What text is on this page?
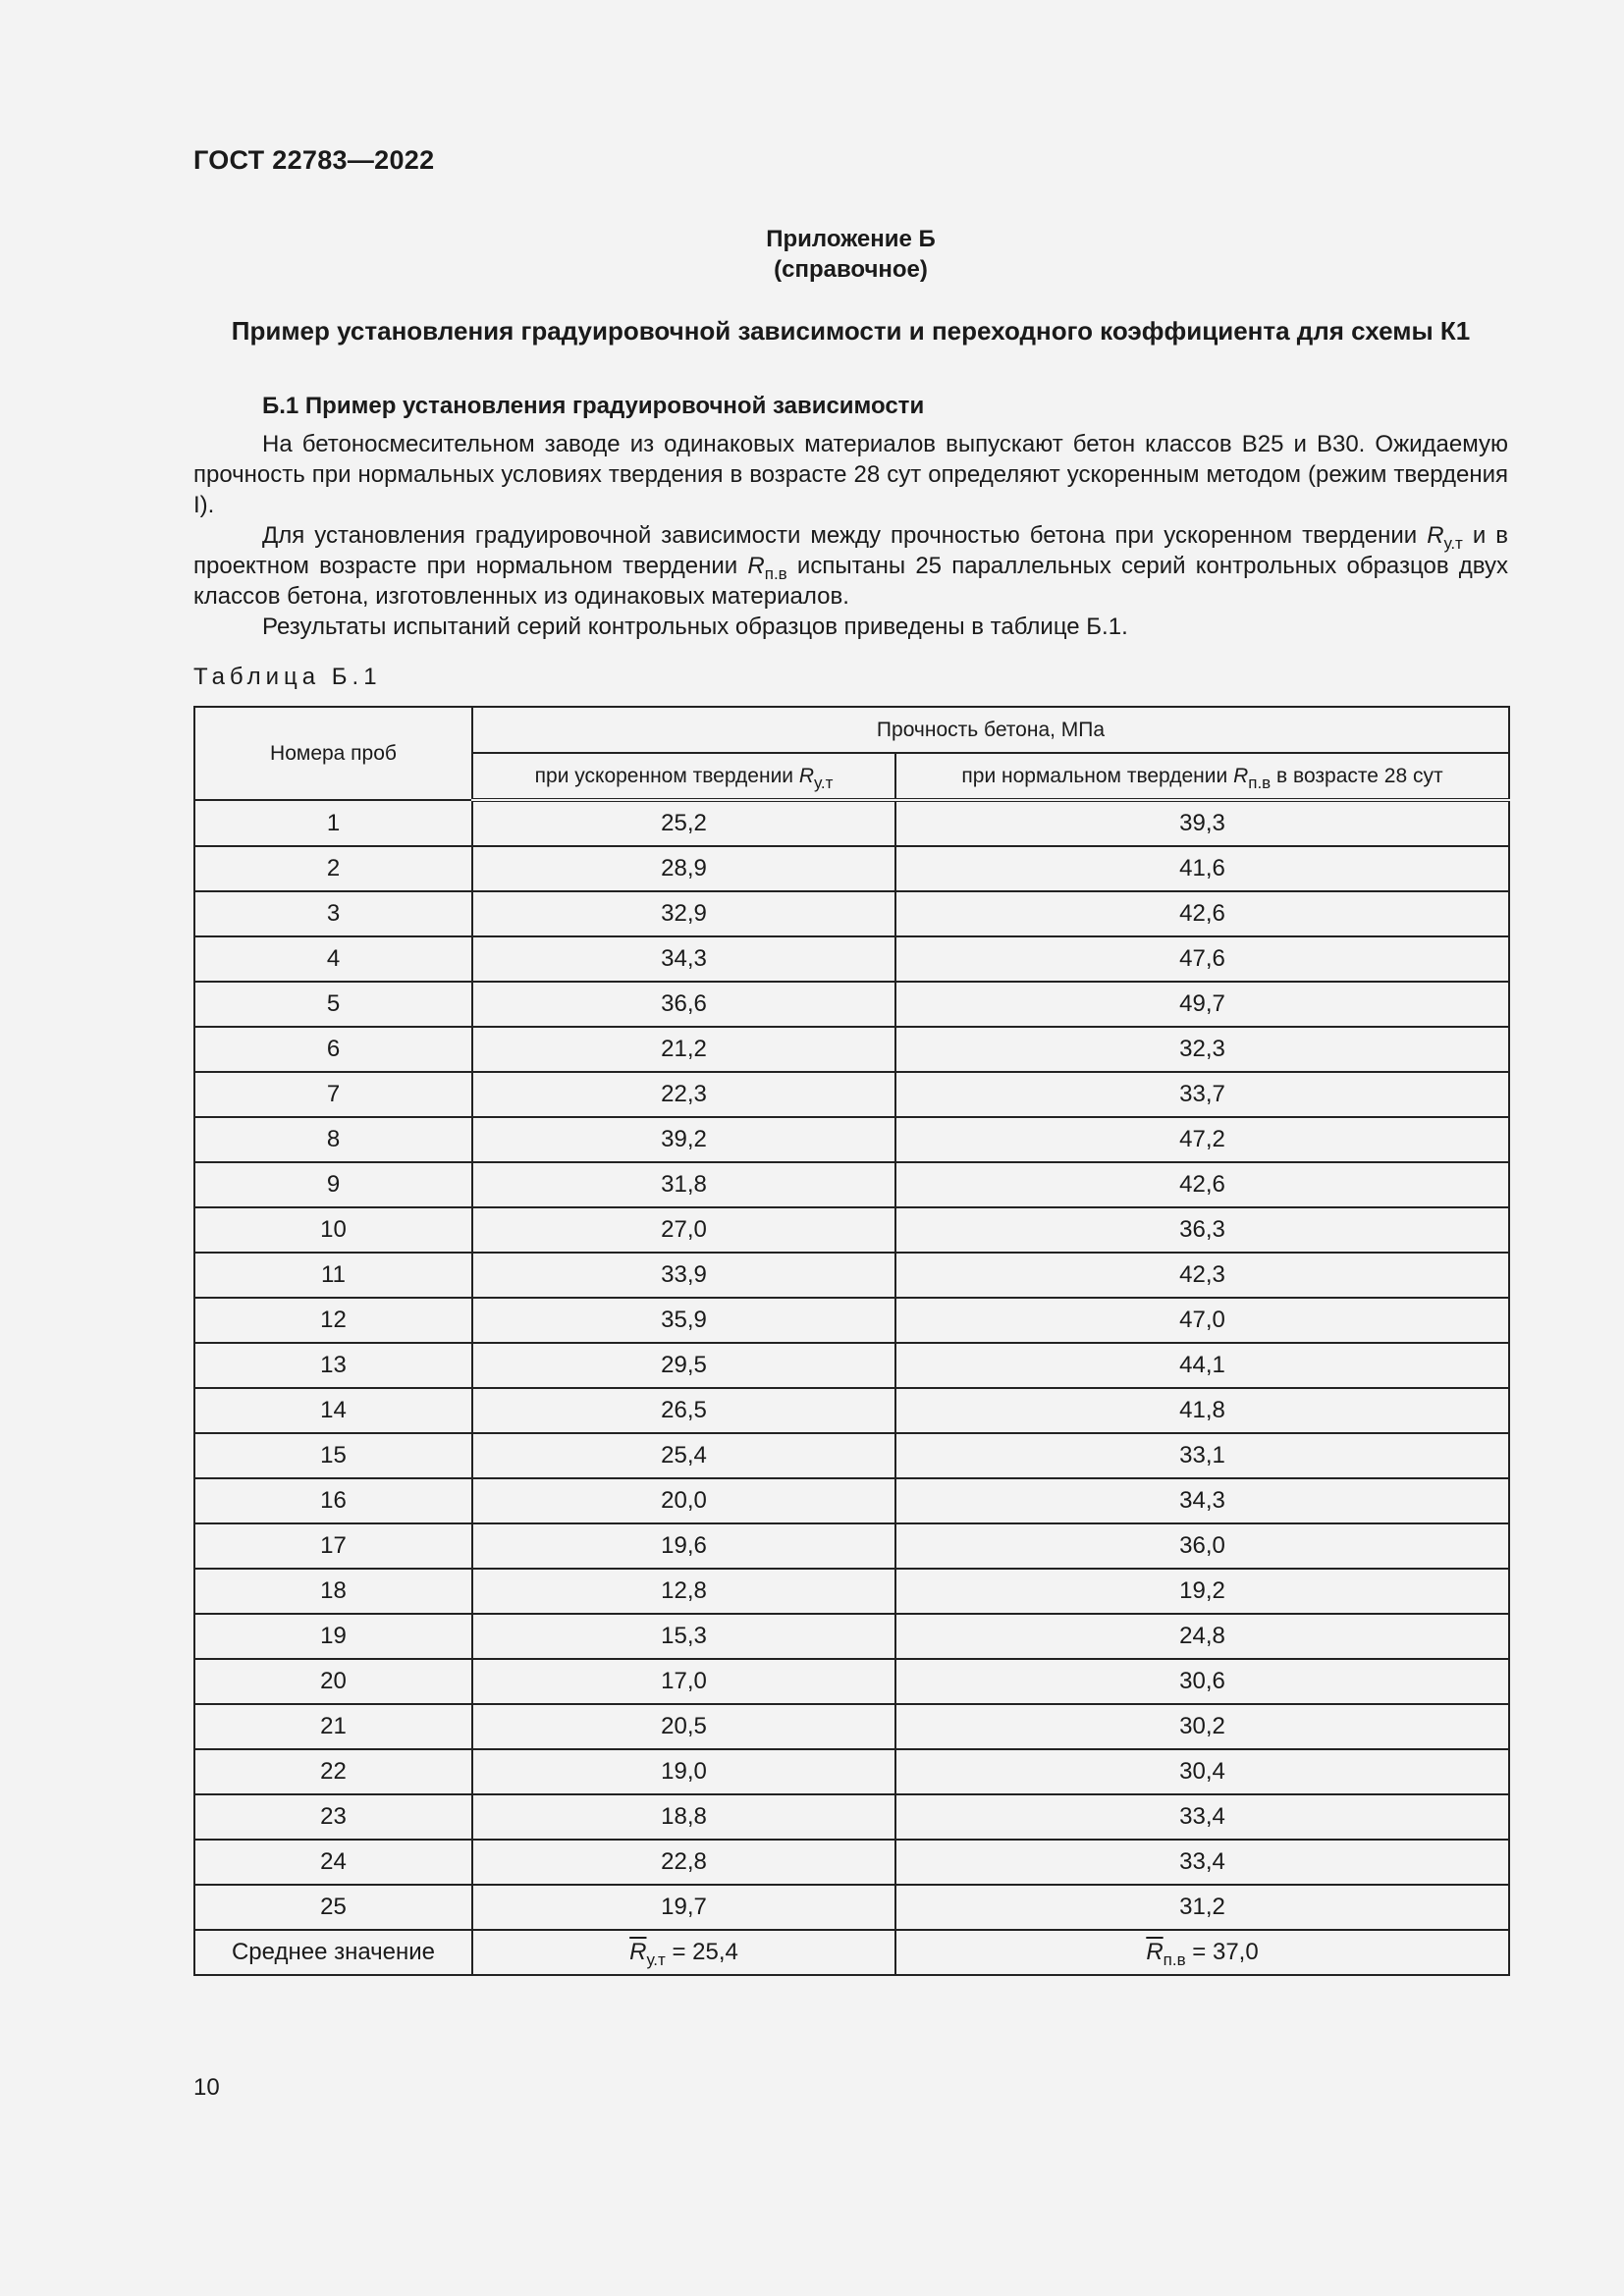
ГОСТ 22783—2022
Приложение Б
(справочное)
Пример установления градуировочной зависимости и переходного коэффициента для схемы К1
Б.1 Пример установления градуировочной зависимости

На бетоносмесительном заводе из одинаковых материалов выпускают бетон классов В25 и В30. Ожидаемую прочность при нормальных условиях твердения в возрасте 28 сут определяют ускоренным методом (режим твердения I).

Для установления градуировочной зависимости между прочностью бетона при ускоренном твердении $R_{у.т}$ и в проектном возрасте при нормальном твердении $R_{п.в}$ испытаны 25 параллельных серий контрольных образцов двух классов бетона, изготовленных из одинаковых материалов.

Результаты испытаний серий контрольных образцов приведены в таблице Б.1.

Таблица Б.1
Номера проб	Прочность бетона, МПа	
	при ускоренном твердении $R_{у.т}$	при нормальном твердении $R_{п.в}$ в возрасте 28 сут
1	25,2	39,3
2	28,9	41,6
3	32,9	42,6
4	34,3	47,6
5	36,6	49,7
6	21,2	32,3
7	22,3	33,7
8	39,2	47,2
9	31,8	42,6
10	27,0	36,3
11	33,9	42,3
12	35,9	47,0
13	29,5	44,1
14	26,5	41,8
15	25,4	33,1
16	20,0	34,3
17	19,6	36,0
18	12,8	19,2
19	15,3	24,8
20	17,0	30,6
21	20,5	30,2
22	19,0	30,4
23	18,8	33,4
24	22,8	33,4
25	19,7	31,2
Среднее значение	$\overline{R}_{у.т} = 25,4$	$\overline{R}_{п.в} = 37,0$
10
